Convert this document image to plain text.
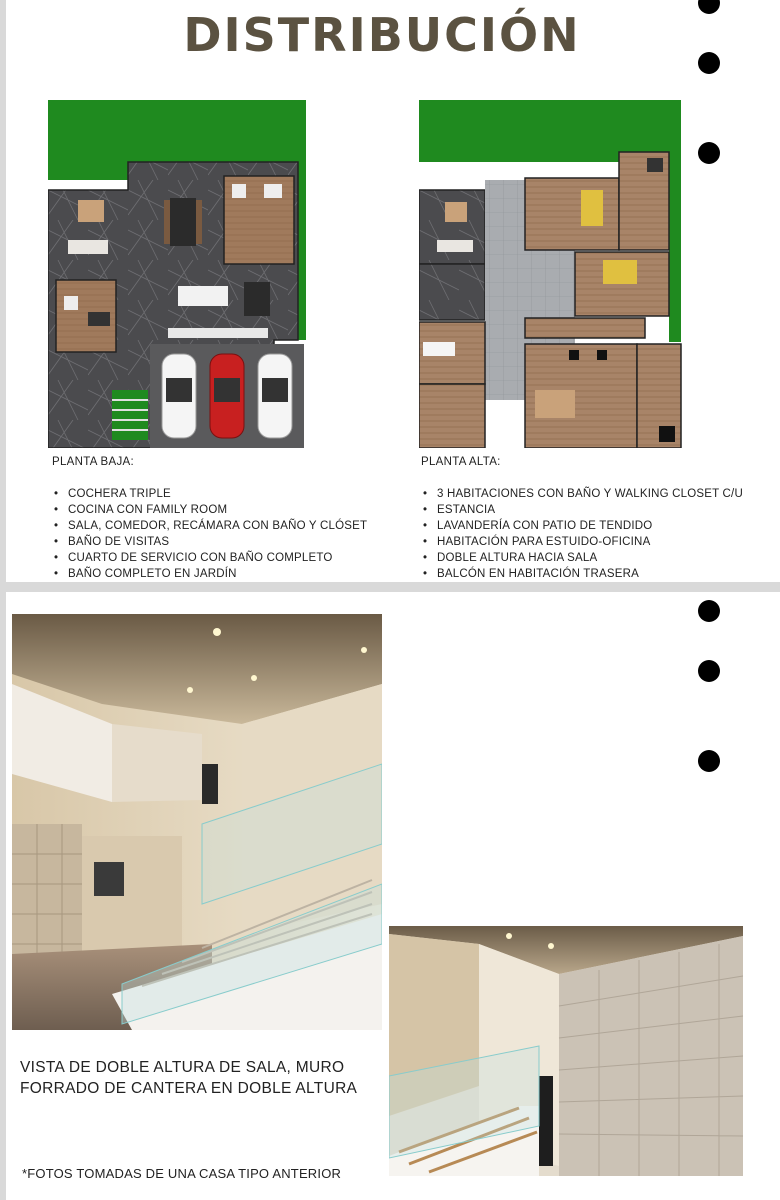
DISTRIBUCIÓN
PLANTA BAJA:
• COCHERA TRIPLE
• COCINA CON FAMILY ROOM
• SALA, COMEDOR, RECÁMARA CON BAÑO Y CLÓSET
• BAÑO DE VISITAS
• CUARTO DE SERVICIO CON BAÑO COMPLETO
• BAÑO COMPLETO EN JARDÍN
PLANTA ALTA:
• 3 HABITACIONES CON BAÑO Y WALKING CLOSET C/U
• ESTANCIA
• LAVANDERÍA CON PATIO DE TENDIDO
• HABITACIÓN PARA ESTUIDO-OFICINA
• DOBLE ALTURA HACIA SALA
• BALCÓN EN HABITACIÓN TRASERA
VISTA DE DOBLE ALTURA DE SALA, MURO FORRADO DE CANTERA EN DOBLE ALTURA
*FOTOS TOMADAS DE UNA CASA TIPO ANTERIOR
